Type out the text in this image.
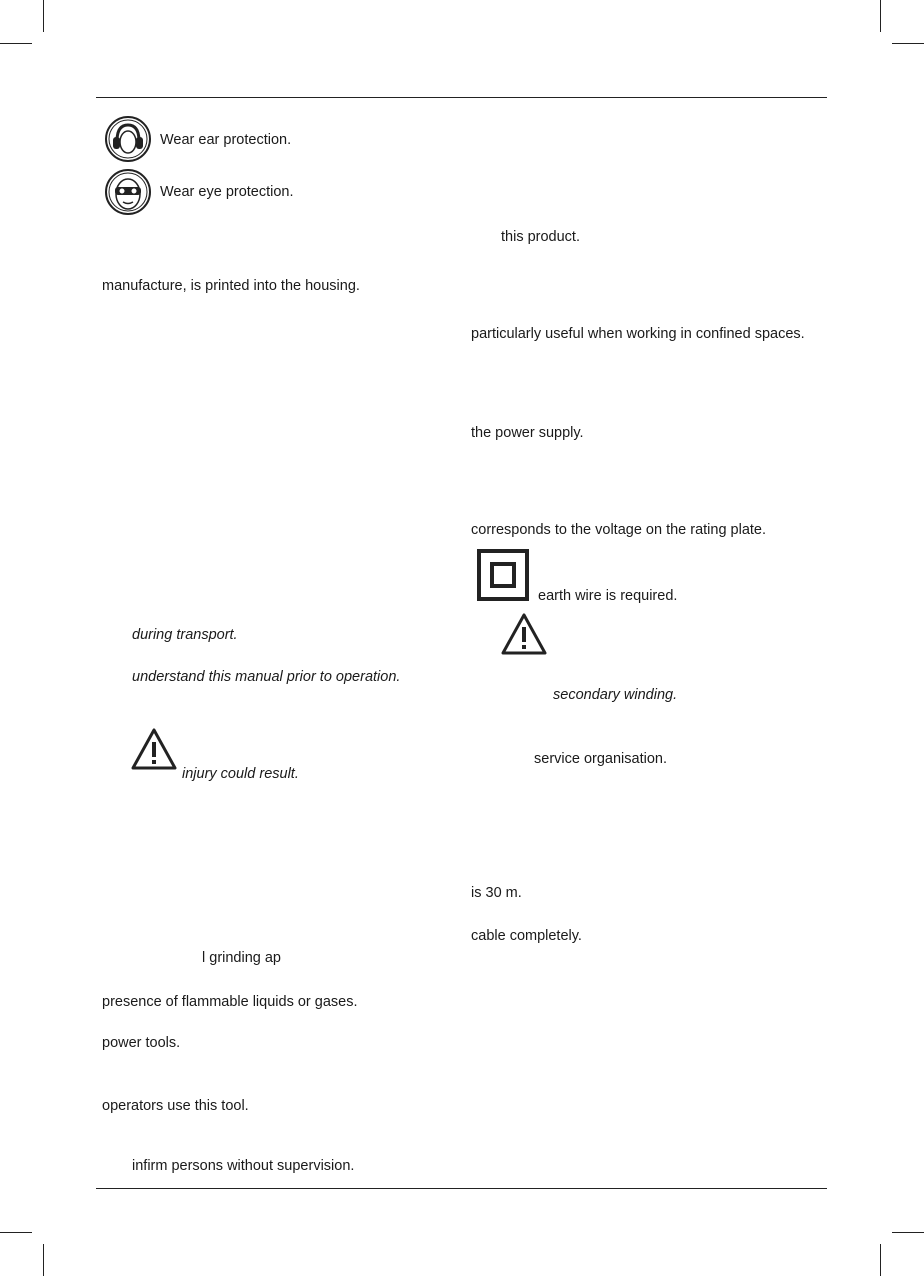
Wear ear protection.
Wear eye protection.
manufacture, is printed into the housing.
during transport.
understand this manual prior to operation.
injury could result.
l grinding ap
presence of flammable liquids or gases.
power tools.
operators use this tool.
infirm persons without supervision.
this product.
particularly useful when working in confined spaces.
the power supply.
corresponds to the voltage on the rating plate.
earth wire is required.
secondary winding.
service organisation.
is 30 m.
cable completely.
